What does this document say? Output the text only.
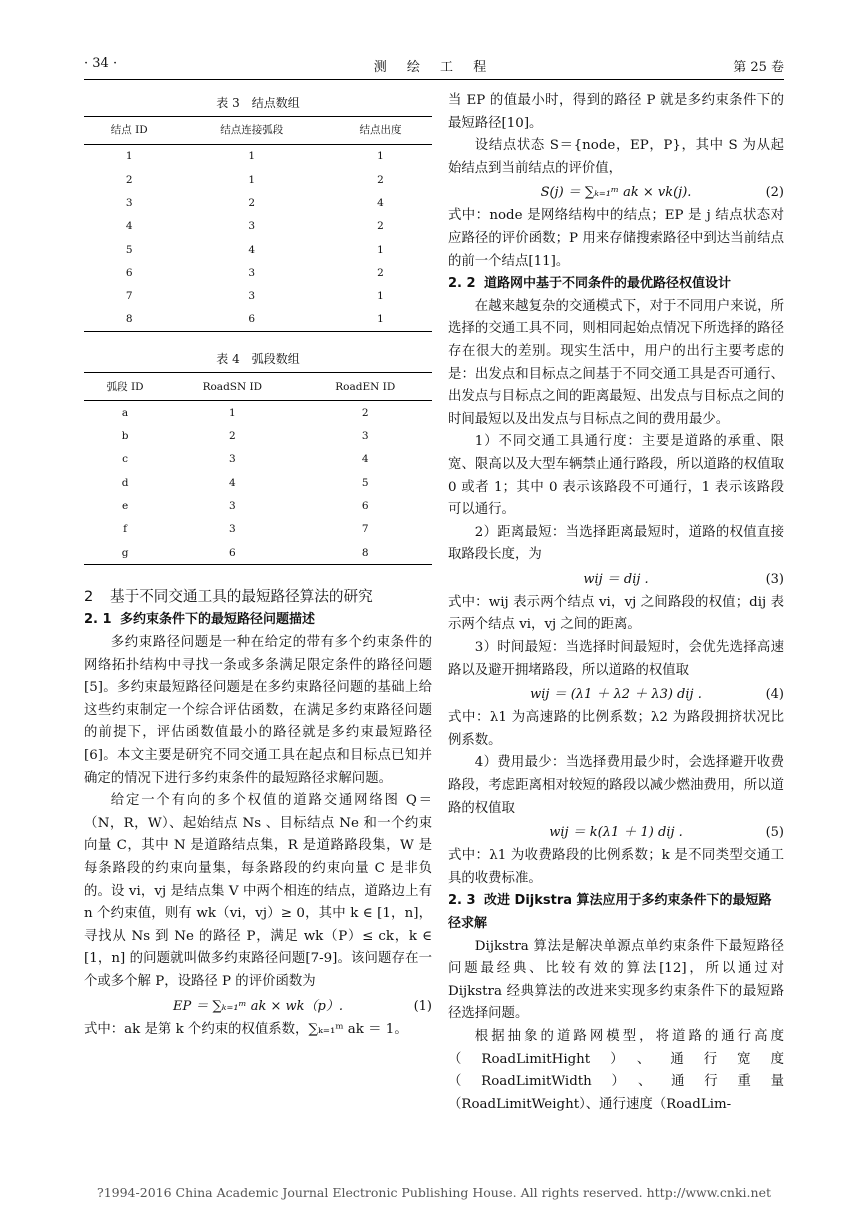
· 34 ·	测 绘 工 程	第 25 卷
表 3　结点数组
结点 ID	结点连接弧段	结点出度
1	1	1
2	1	2
3	2	4
4	3	2
5	4	1
6	3	2
7	3	1
8	6	1
表 4　弧段数组
弧段 ID	RoadSN ID	RoadEN ID
a	1	2
b	2	3
c	3	4
d	4	5
e	3	6
f	3	7
g	6	8
2 基于不同交通工具的最短路径算法的研究
2. 1 多约束条件下的最短路径问题描述

多约束路径问题是一种在给定的带有多个约束条件的网络拓扑结构中寻找一条或多条满足限定条件的路径问题[5]。多约束最短路径问题是在多约束路径问题的基础上给这些约束制定一个综合评估函数，在满足多约束路径问题的前提下，评估函数值最小的路径就是多约束最短路径[6]。本文主要是研究不同交通工具在起点和目标点已知并确定的情况下进行多约束条件的最短路径求解问题。

给定一个有向的多个权值的道路交通网络图 Q＝（N，R，W）、起始结点 Ns 、目标结点 Ne 和一个约束向量 C，其中 N 是道路结点集，R 是道路路段集，W 是每条路段的约束向量集，每条路段的约束向量 C 是非负的。设 vi，vj 是结点集 V 中两个相连的结点，道路边上有 n 个约束值，则有 wk（vi，vj）≥ 0，其中 k ∈ [1，n]，寻找从 Ns 到 Ne 的路径 P，满足 wk（P）≤ ck，k ∈ [1，n] 的问题就叫做多约束路径问题[7-9]。该问题存在一个或多个解 P，设路径 P 的评价函数为

EP ＝ ∑ₖ₌₁ᵐ ak × wk（p）.	(1)

式中：ak 是第 k 个约束的权值系数，∑ₖ₌₁ᵐ ak ＝ 1。

当 EP 的值最小时，得到的路径 P 就是多约束条件下的最短路径[10]。

设结点状态 S＝{node，EP，P}，其中 S 为从起始结点到当前结点的评价值，

S(j) ＝ ∑ₖ₌₁ᵐ ak × vk(j).	(2)

式中：node 是网络结构中的结点；EP 是 j 结点状态对应路径的评价函数；P 用来存储搜索路径中到达当前结点的前一个结点[11]。

2. 2 道路网中基于不同条件的最优路径权值设计

在越来越复杂的交通模式下，对于不同用户来说，所选择的交通工具不同，则相同起始点情况下所选择的路径存在很大的差别。现实生活中，用户的出行主要考虑的是：出发点和目标点之间基于不同交通工具是否可通行、出发点与目标点之间的距离最短、出发点与目标点之间的时间最短以及出发点与目标点之间的费用最少。

1）不同交通工具通行度：主要是道路的承重、限宽、限高以及大型车辆禁止通行路段，所以道路的权值取 0 或者 1；其中 0 表示该路段不可通行，1 表示该路段可以通行。

2）距离最短：当选择距离最短时，道路的权值直接取路段长度，为

wij ＝ dij .	(3)

式中：wij 表示两个结点 vi，vj 之间路段的权值；dij 表示两个结点 vi，vj 之间的距离。

3）时间最短：当选择时间最短时，会优先选择高速路以及避开拥堵路段，所以道路的权值取

wij ＝ (λ1 ＋ λ2 ＋ λ3) dij .	(4)

式中：λ1 为高速路的比例系数；λ2 为路段拥挤状况比例系数。

4）费用最少：当选择费用最少时，会选择避开收费路段，考虑距离相对较短的路段以减少燃油费用，所以道路的权值取

wij ＝ k(λ1 ＋ 1) dij .	(5)

式中：λ1 为收费路段的比例系数；k 是不同类型交通工具的收费标准。

2. 3 改进 Dijkstra 算法应用于多约束条件下的最短路径求解

Dijkstra 算法是解决单源点单约束条件下最短路径问题最经典、比较有效的算法[12]，所以通过对 Dijkstra 经典算法的改进来实现多约束条件下的最短路径选择问题。

根据抽象的道路网模型，将道路的通行高度（RoadLimitHight）、通行宽度（RoadLimitWidth）、通行重量（RoadLimitWeight）、通行速度（RoadLim-

?1994-2016 China Academic Journal Electronic Publishing House. All rights reserved. http://www.cnki.net
